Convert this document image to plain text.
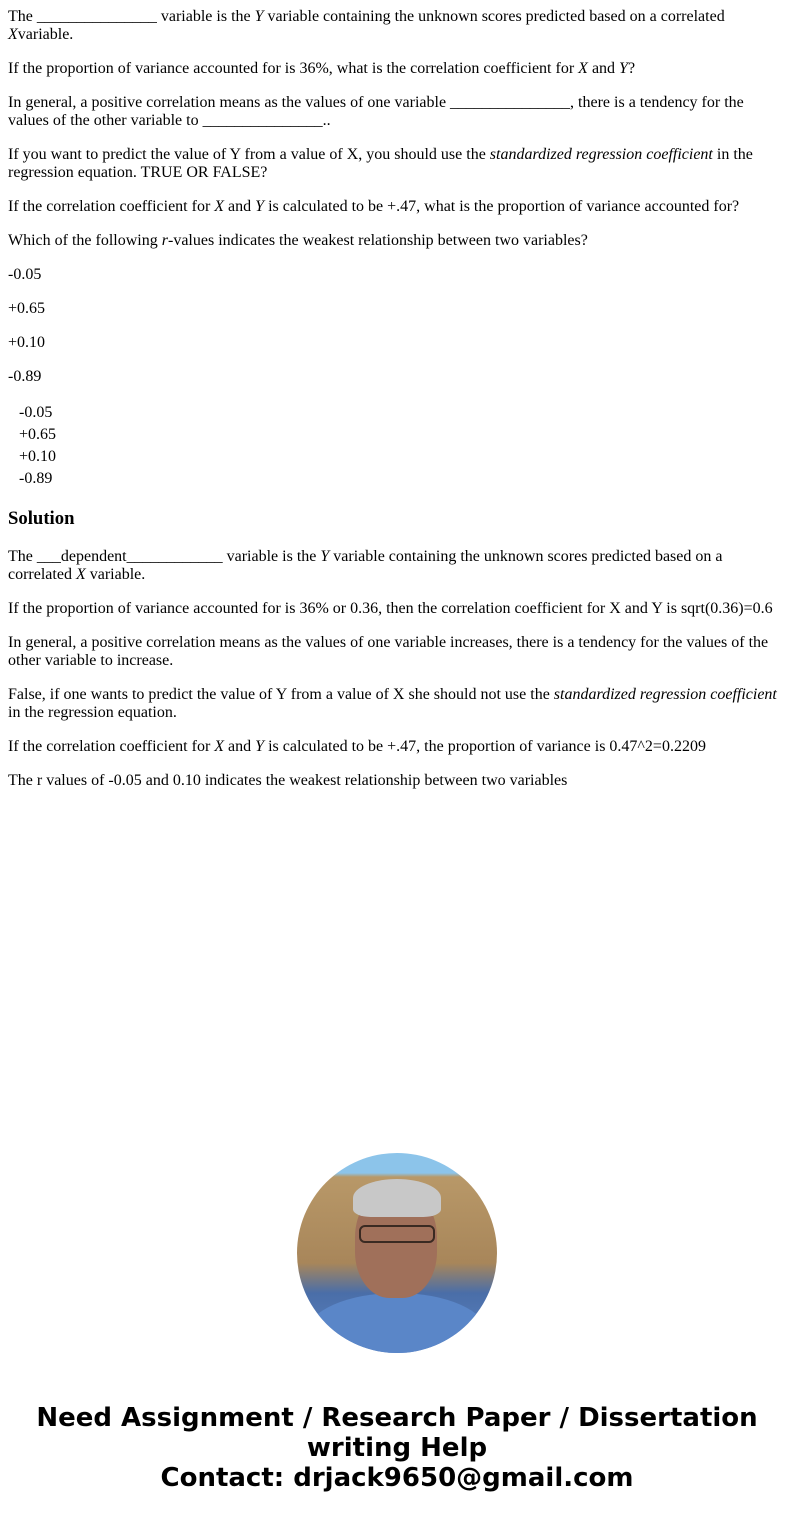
The _______________ variable is the Y variable containing the unknown scores predicted based on a correlated Xvariable.

If the proportion of variance accounted for is 36%, what is the correlation coefficient for X and Y?

In general, a positive correlation means as the values of one variable _______________, there is a tendency for the values of the other variable to _______________..

If you want to predict the value of Y from a value of X, you should use the standardized regression coefficient in the regression equation. TRUE OR FALSE?

If the correlation coefficient for X and Y is calculated to be +.47, what is the proportion of variance accounted for?

Which of the following r-values indicates the weakest relationship between two variables?

-0.05

+0.65

+0.10

-0.89

-0.05
+0.65
+0.10
-0.89
Solution

The ___dependent____________ variable is the Y variable containing the unknown scores predicted based on a correlated X variable.

If the proportion of variance accounted for is 36% or 0.36, then the correlation coefficient for X and Y is sqrt(0.36)=0.6

In general, a positive correlation means as the values of one variable increases, there is a tendency for the values of the other variable to increase.

False, if one wants to predict the value of Y from a value of X she should not use the standardized regression coefficient in the regression equation.

If the correlation coefficient for X and Y is calculated to be +.47, the proportion of variance is 0.47^2=0.2209

The r values of -0.05 and 0.10 indicates the weakest relationship between two variables

Need Assignment / Research Paper / Dissertation
writing Help
Contact: drjack9650@gmail.com
